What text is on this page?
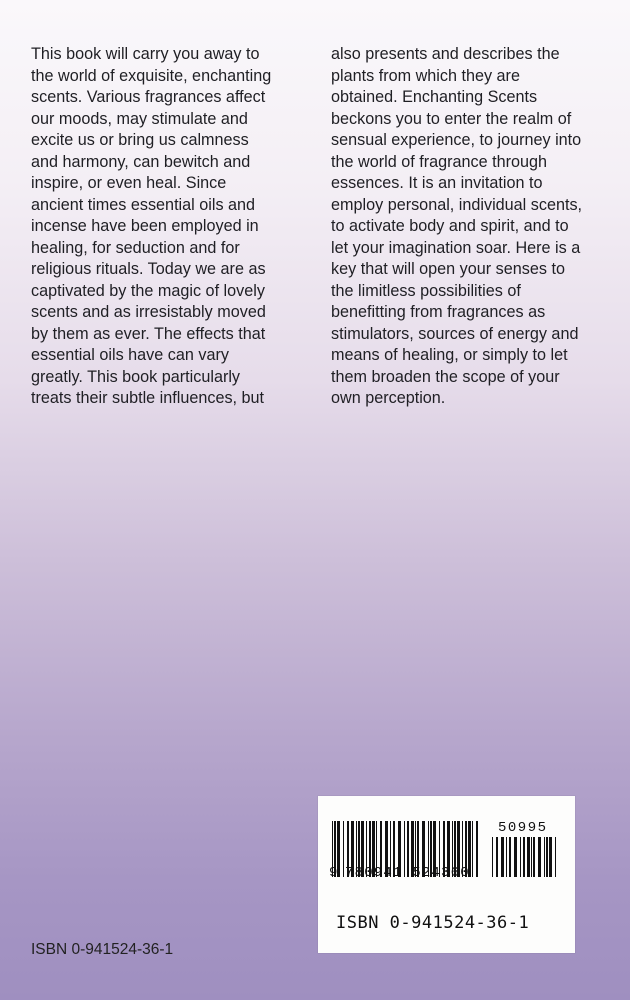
This book will carry you away to
the world of exquisite, enchanting
scents. Various fragrances affect
our moods, may stimulate and
excite us or bring us calmness
and harmony, can bewitch and
inspire, or even heal. Since
ancient times essential oils and
incense have been employed in
healing, for seduction and for
religious rituals. Today we are as
captivated by the magic of lovely
scents and as irresistably moved
by them as ever. The effects that
essential oils have can vary
greatly. This book particularly
treats their subtle influences, but
also presents and describes the
plants from which they are
obtained. Enchanting Scents
beckons you to enter the realm of
sensual experience, to journey into
the world of fragrance through
essences. It is an invitation to
employ personal, individual scents,
to activate body and spirit, and to
let your imagination soar. Here is a
key that will open your senses to
the limitless possibilities of
benefitting from fragrances as
stimulators, sources of energy and
means of healing, or simply to let
them broaden the scope of your
own perception.
9 780941 524360
50995
ISBN 0-941524-36-1
ISBN 0-941524-36-1
